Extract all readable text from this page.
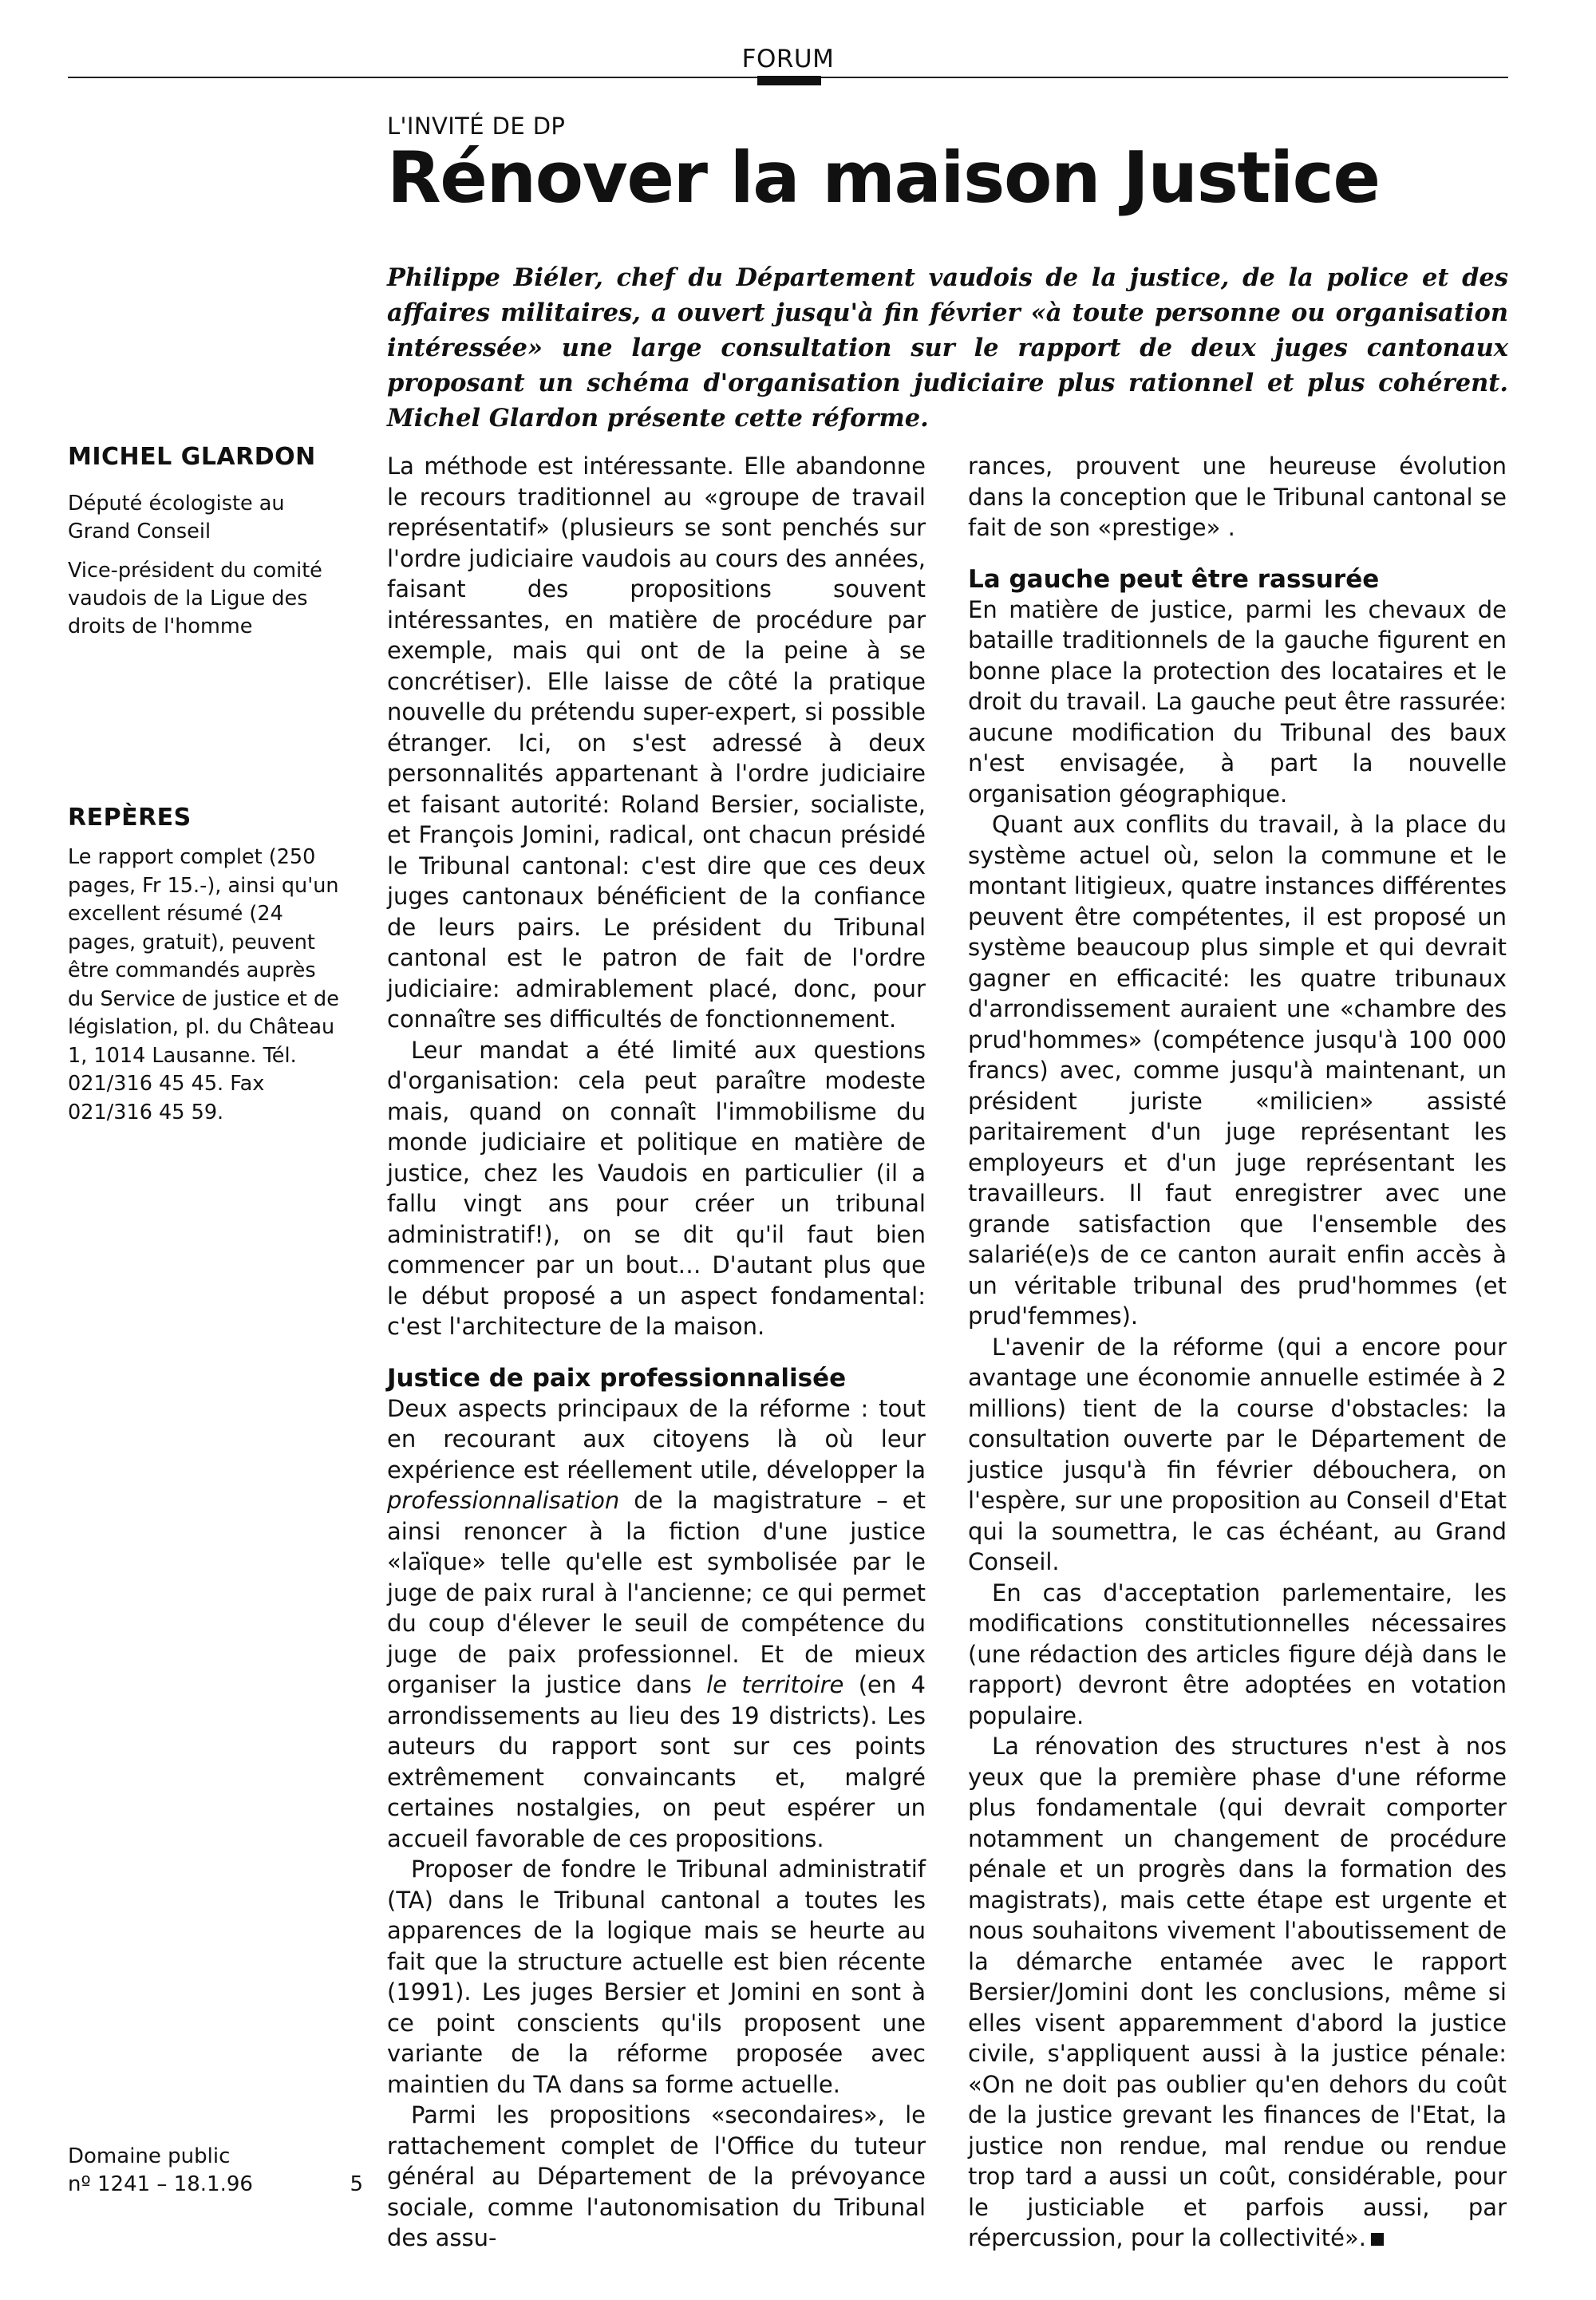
FORUM
L'INVITÉ DE DP
Rénover la maison Justice

Philippe Biéler, chef du Département vaudois de la justice, de la police et des affaires militaires, a ouvert jusqu'à fin février «à toute personne ou organisation intéressée» une large consultation sur le rapport de deux juges cantonaux proposant un schéma d'organisation judiciaire plus rationnel et plus cohérent. Michel Glardon présente cette réforme.

MICHEL GLARDON

Député écologiste au Grand Conseil

Vice-président du comité vaudois de la Ligue des droits de l'homme

REPÈRES

Le rapport complet (250 pages, Fr 15.-), ainsi qu'un excellent résumé (24 pages, gratuit), peuvent être commandés auprès du Service de justice et de législation, pl. du Château 1, 1014 Lausanne. Tél. 021/316 45 45. Fax 021/316 45 59.

Domaine public
nº 1241 – 18.1.96	5

La méthode est intéressante. Elle abandonne le recours traditionnel au «groupe de travail représentatif» (plusieurs se sont penchés sur l'ordre judiciaire vaudois au cours des années, faisant des propositions souvent intéressantes, en matière de procédure par exemple, mais qui ont de la peine à se concrétiser). Elle laisse de côté la pratique nouvelle du prétendu super-expert, si possible étranger. Ici, on s'est adressé à deux personnalités appartenant à l'ordre judiciaire et faisant autorité: Roland Bersier, socialiste, et François Jomini, radical, ont chacun présidé le Tribunal cantonal: c'est dire que ces deux juges cantonaux bénéficient de la confiance de leurs pairs. Le président du Tribunal cantonal est le patron de fait de l'ordre judiciaire: admirablement placé, donc, pour connaître ses difficultés de fonctionnement.

Leur mandat a été limité aux questions d'organisation: cela peut paraître modeste mais, quand on connaît l'immobilisme du monde judiciaire et politique en matière de justice, chez les Vaudois en particulier (il a fallu vingt ans pour créer un tribunal administratif!), on se dit qu'il faut bien commencer par un bout… D'autant plus que le début proposé a un aspect fondamental: c'est l'architecture de la maison.

Justice de paix professionnalisée

Deux aspects principaux de la réforme : tout en recourant aux citoyens là où leur expérience est réellement utile, développer la professionnalisation de la magistrature – et ainsi renoncer à la fiction d'une justice «laïque» telle qu'elle est symbolisée par le juge de paix rural à l'ancienne; ce qui permet du coup d'élever le seuil de compétence du juge de paix professionnel. Et de mieux organiser la justice dans le territoire (en 4 arrondissements au lieu des 19 districts). Les auteurs du rapport sont sur ces points extrêmement convaincants et, malgré certaines nostalgies, on peut espérer un accueil favorable de ces propositions.

Proposer de fondre le Tribunal administratif (TA) dans le Tribunal cantonal a toutes les apparences de la logique mais se heurte au fait que la structure actuelle est bien récente (1991). Les juges Bersier et Jomini en sont à ce point conscients qu'ils proposent une variante de la réforme proposée avec maintien du TA dans sa forme actuelle.

Parmi les propositions «secondaires», le rattachement complet de l'Office du tuteur général au Département de la prévoyance sociale, comme l'autonomisation du Tribunal des assu-

rances, prouvent une heureuse évolution dans la conception que le Tribunal cantonal se fait de son «prestige» .

La gauche peut être rassurée

En matière de justice, parmi les chevaux de bataille traditionnels de la gauche figurent en bonne place la protection des locataires et le droit du travail. La gauche peut être rassurée: aucune modification du Tribunal des baux n'est envisagée, à part la nouvelle organisation géographique.

Quant aux conflits du travail, à la place du système actuel où, selon la commune et le montant litigieux, quatre instances différentes peuvent être compétentes, il est proposé un système beaucoup plus simple et qui devrait gagner en efficacité: les quatre tribunaux d'arrondissement auraient une «chambre des prud'hommes» (compétence jusqu'à 100 000 francs) avec, comme jusqu'à maintenant, un président juriste «milicien» assisté paritairement d'un juge représentant les employeurs et d'un juge représentant les travailleurs. Il faut enregistrer avec une grande satisfaction que l'ensemble des salarié(e)s de ce canton aurait enfin accès à un véritable tribunal des prud'hommes (et prud'femmes).

L'avenir de la réforme (qui a encore pour avantage une économie annuelle estimée à 2 millions) tient de la course d'obstacles: la consultation ouverte par le Département de justice jusqu'à fin février débouchera, on l'espère, sur une proposition au Conseil d'Etat qui la soumettra, le cas échéant, au Grand Conseil.

En cas d'acceptation parlementaire, les modifications constitutionnelles nécessaires (une rédaction des articles figure déjà dans le rapport) devront être adoptées en votation populaire.

La rénovation des structures n'est à nos yeux que la première phase d'une réforme plus fondamentale (qui devrait comporter notamment un changement de procédure pénale et un progrès dans la formation des magistrats), mais cette étape est urgente et nous souhaitons vivement l'aboutissement de la démarche entamée avec le rapport Bersier/Jomini dont les conclusions, même si elles visent apparemment d'abord la justice civile, s'appliquent aussi à la justice pénale: «On ne doit pas oublier qu'en dehors du coût de la justice grevant les finances de l'Etat, la justice non rendue, mal rendue ou rendue trop tard a aussi un coût, considérable, pour le justiciable et parfois aussi, par répercussion, pour la collectivité».
